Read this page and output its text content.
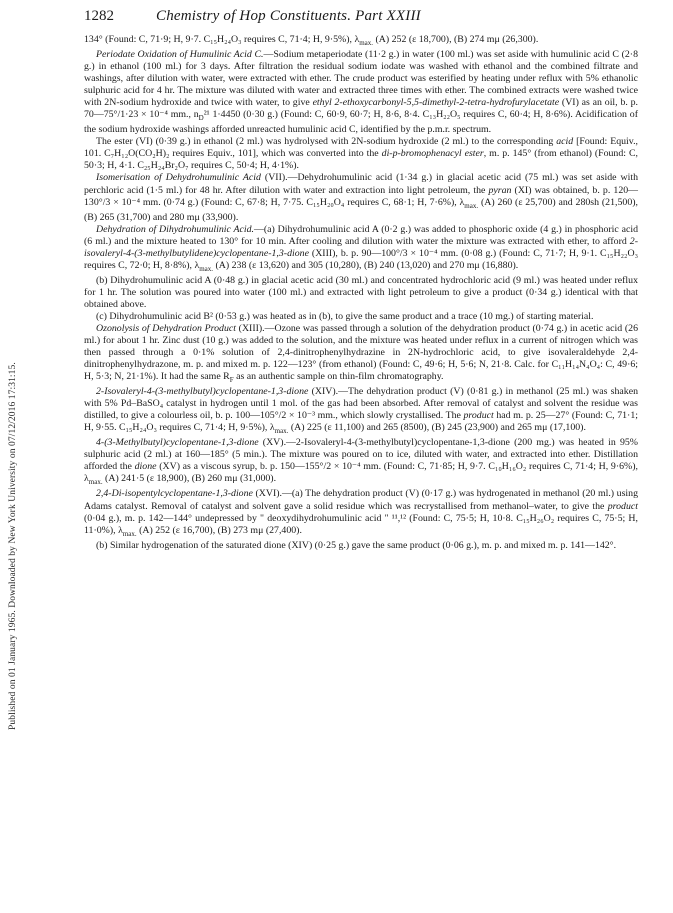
Published on 01 January 1965. Downloaded by New York University on 07/12/2016 17:31:15.
1282	Chemistry of Hop Constituents. Part XXIII

134° (Found: C, 71·9; H, 9·7. C₁₅H₂₄O₃ requires C, 71·4; H, 9·5%), $\lambda_{max.}$ (A) 252 (ε 18,700), (B) 274 mμ (26,300).

Periodate Oxidation of Humulinic Acid C.—Sodium metaperiodate (11·2 g.) in water (100 ml.) was set aside with humulinic acid C (2·8 g.) in ethanol (100 ml.) for 3 days. After filtration the residual sodium iodate was washed with ethanol and the combined filtrate and washings, after dilution with water, were extracted with ether. The crude product was esterified by heating under reflux with 5% ethanolic sulphuric acid for 4 hr. The mixture was diluted with water and extracted three times with ether. The combined extracts were washed twice with 2N-sodium hydroxide and twice with water, to give ethyl 2-ethoxycarbonyl-5,5-dimethyl-2-tetra-hydrofurylacetate (VI) as an oil, b. p. 70—75°/1·23 × 10⁻⁴ mm., $n_D^{21}$ 1·4450 (0·30 g.) (Found: C, 60·9, 60·7; H, 8·6, 8·4. C₁₃H₂₂O₅ requires C, 60·4; H, 8·6%). Acidification of the sodium hydroxide washings afforded unreacted humulinic acid C, identified by the p.m.r. spectrum.

The ester (VI) (0·39 g.) in ethanol (2 ml.) was hydrolysed with 2N-sodium hydroxide (2 ml.) to the corresponding acid [Found: Equiv., 101. C₇H₁₂O(CO₂H)₂ requires Equiv., 101], which was converted into the di-p-bromophenacyl ester, m. p. 145° (from ethanol) (Found: C, 50·3; H, 4·1. C₂₅H₂₄Br₂O₇ requires C, 50·4; H, 4·1%).

Isomerisation of Dehydrohumulinic Acid (VII).—Dehydrohumulinic acid (1·34 g.) in glacial acetic acid (75 ml.) was set aside with perchloric acid (1·5 ml.) for 48 hr. After dilution with water and extraction into light petroleum, the pyran (XI) was obtained, b. p. 120—130°/3 × 10⁻⁴ mm. (0·74 g.) (Found: C, 67·8; H, 7·75. C₁₅H₂₀O₄ requires C, 68·1; H, 7·6%), $\lambda_{max.}$ (A) 260 (ε 25,700) and 280sh (21,500), (B) 265 (31,700) and 280 mμ (33,900).

Dehydration of Dihydrohumulinic Acid.—(a) Dihydrohumulinic acid A (0·2 g.) was added to phosphoric oxide (4 g.) in phosphoric acid (6 ml.) and the mixture heated to 130° for 10 min. After cooling and dilution with water the mixture was extracted with ether, to afford 2-isovaleryl-4-(3-methylbutylidene)cyclopentane-1,3-dione (XIII), b. p. 90—100°/3 × 10⁻⁴ mm. (0·08 g.) (Found: C, 71·7; H, 9·1. C₁₅H₂₂O₃ requires C, 72·0; H, 8·8%), $\lambda_{max.}$ (A) 238 (ε 13,620) and 305 (10,280), (B) 240 (13,020) and 270 mμ (16,880).

(b) Dihydrohumulinic acid A (0·48 g.) in glacial acetic acid (30 ml.) and concentrated hydrochloric acid (9 ml.) was heated under reflux for 1 hr. The solution was poured into water (100 ml.) and extracted with light petroleum to give a product (0·34 g.) identical with that obtained above.

(c) Dihydrohumulinic acid B² (0·53 g.) was heated as in (b), to give the same product and a trace (10 mg.) of starting material.

Ozonolysis of Dehydration Product (XIII).—Ozone was passed through a solution of the dehydration product (0·74 g.) in acetic acid (26 ml.) for about 1 hr. Zinc dust (10 g.) was added to the solution, and the mixture was heated under reflux in a current of nitrogen which was then passed through a 0·1% solution of 2,4-dinitrophenylhydrazine in 2N-hydrochloric acid, to give isovaleraldehyde 2,4-dinitrophenylhydrazone, m. p. and mixed m. p. 122—123° (from ethanol) (Found: C, 49·6; H, 5·6; N, 21·8. Calc. for C₁₁H₁₄N₄O₄: C, 49·6; H, 5·3; N, 21·1%). It had the same $R_F$ as an authentic sample on thin-film chromatography.

2-Isovaleryl-4-(3-methylbutyl)cyclopentane-1,3-dione (XIV).—The dehydration product (V) (0·81 g.) in methanol (25 ml.) was shaken with 5% Pd–BaSO₄ catalyst in hydrogen until 1 mol. of the gas had been absorbed. After removal of catalyst and solvent the residue was distilled, to give a colourless oil, b. p. 100—105°/2 × 10⁻³ mm., which slowly crystallised. The product had m. p. 25—27° (Found: C, 71·1; H, 9·55. C₁₅H₂₄O₃ requires C, 71·4; H, 9·5%), $\lambda_{max.}$ (A) 225 (ε 11,100) and 265 (8500), (B) 245 (23,900) and 265 mμ (17,100).

4-(3-Methylbutyl)cyclopentane-1,3-dione (XV).—2-Isovaleryl-4-(3-methylbutyl)cyclopentane-1,3-dione (200 mg.) was heated in 95% sulphuric acid (2 ml.) at 160—185° (5 min.). The mixture was poured on to ice, diluted with water, and extracted into ether. Distillation afforded the dione (XV) as a viscous syrup, b. p. 150—155°/2 × 10⁻⁴ mm. (Found: C, 71·85; H, 9·7. C₁₀H₁₆O₂ requires C, 71·4; H, 9·6%), $\lambda_{max.}$ (A) 241·5 (ε 18,900), (B) 260 mμ (31,000).

2,4-Di-isopentylcyclopentane-1,3-dione (XVI).—(a) The dehydration product (V) (0·17 g.) was hydrogenated in methanol (20 ml.) using Adams catalyst. Removal of catalyst and solvent gave a solid residue which was recrystallised from methanol–water, to give the product (0·04 g.), m. p. 142—144° undepressed by " deoxydihydrohumulinic acid " ¹¹,¹² (Found: C, 75·5; H, 10·8. C₁₅H₂₆O₂ requires C, 75·5; H, 11·0%), $\lambda_{max.}$ (A) 252 (ε 16,700), (B) 273 mμ (27,400).

(b) Similar hydrogenation of the saturated dione (XIV) (0·25 g.) gave the same product (0·06 g.), m. p. and mixed m. p. 141—142°.
